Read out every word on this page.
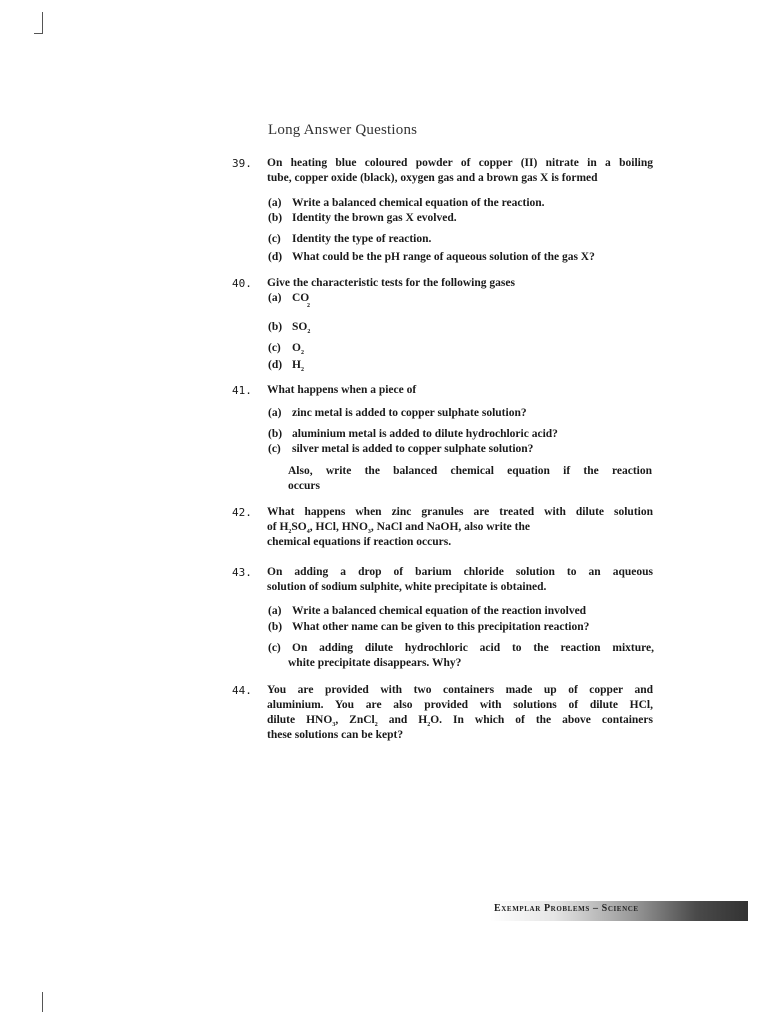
Long Answer Questions
39. On heating blue coloured powder of copper (II) nitrate in a boiling
tube, copper oxide (black), oxygen gas and a brown gas X is formed
(a) Write a balanced chemical equation of the reaction.
(b) Identity the brown gas X evolved.
(c) Identity the type of reaction.
(d) What could be the pH range of aqueous solution of the gas X?
40. Give the characteristic tests for the following gases
(a) CO
2
(b) $SO_2$
(c) $O_2$
(d) $H_2$
41. What happens when a piece of
(a) zinc metal is added to copper sulphate solution?
(b) aluminium metal is added to dilute hydrochloric acid?
(c) silver metal is added to copper sulphate solution?
Also, write the balanced chemical equation if the reaction
occurs
42. What happens when zinc granules are treated with dilute solution
of $H_2SO_4$, HCl, $HNO_3$, NaCl and NaOH, also write the
chemical equations if reaction occurs.
43. On adding a drop of barium chloride solution to an aqueous
solution of sodium sulphite, white precipitate is obtained.
(a) Write a balanced chemical equation of the reaction involved
(b) What other name can be given to this precipitation reaction?
(c) On adding dilute hydrochloric acid to the reaction mixture,
white precipitate disappears. Why?
44. You are provided with two containers made up of copper and
aluminium. You are also provided with solutions of dilute HCl,
dilute $HNO_3$, ZnCl$_2$ and $H_2O$. In which of the above containers
these solutions can be kept?
Exemplar Problems – Science
